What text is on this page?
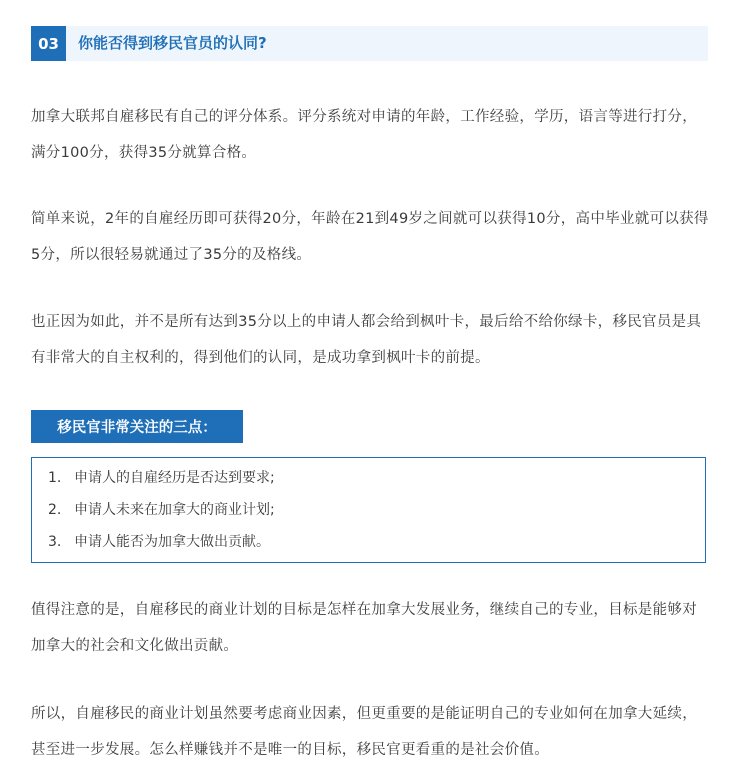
03	你能否得到移民官员的认同?

加拿大联邦自雇移民有自己的评分体系。评分系统对申请的年龄，工作经验，学历，语言等进行打分，满分100分，获得35分就算合格。

简单来说，2年的自雇经历即可获得20分，年龄在21到49岁之间就可以获得10分，高中毕业就可以获得5分，所以很轻易就通过了35分的及格线。

也正因为如此，并不是所有达到35分以上的申请人都会给到枫叶卡，最后给不给你绿卡，移民官员是具有非常大的自主权利的，得到他们的认同，是成功拿到枫叶卡的前提。

移民官非常关注的三点：
1. 申请人的自雇经历是否达到要求;
2. 申请人未来在加拿大的商业计划;
3. 申请人能否为加拿大做出贡献。

值得注意的是，自雇移民的商业计划的目标是怎样在加拿大发展业务，继续自己的专业，目标是能够对加拿大的社会和文化做出贡献。

所以，自雇移民的商业计划虽然要考虑商业因素，但更重要的是能证明自己的专业如何在加拿大延续，甚至进一步发展。怎么样赚钱并不是唯一的目标，移民官更看重的是社会价值。
